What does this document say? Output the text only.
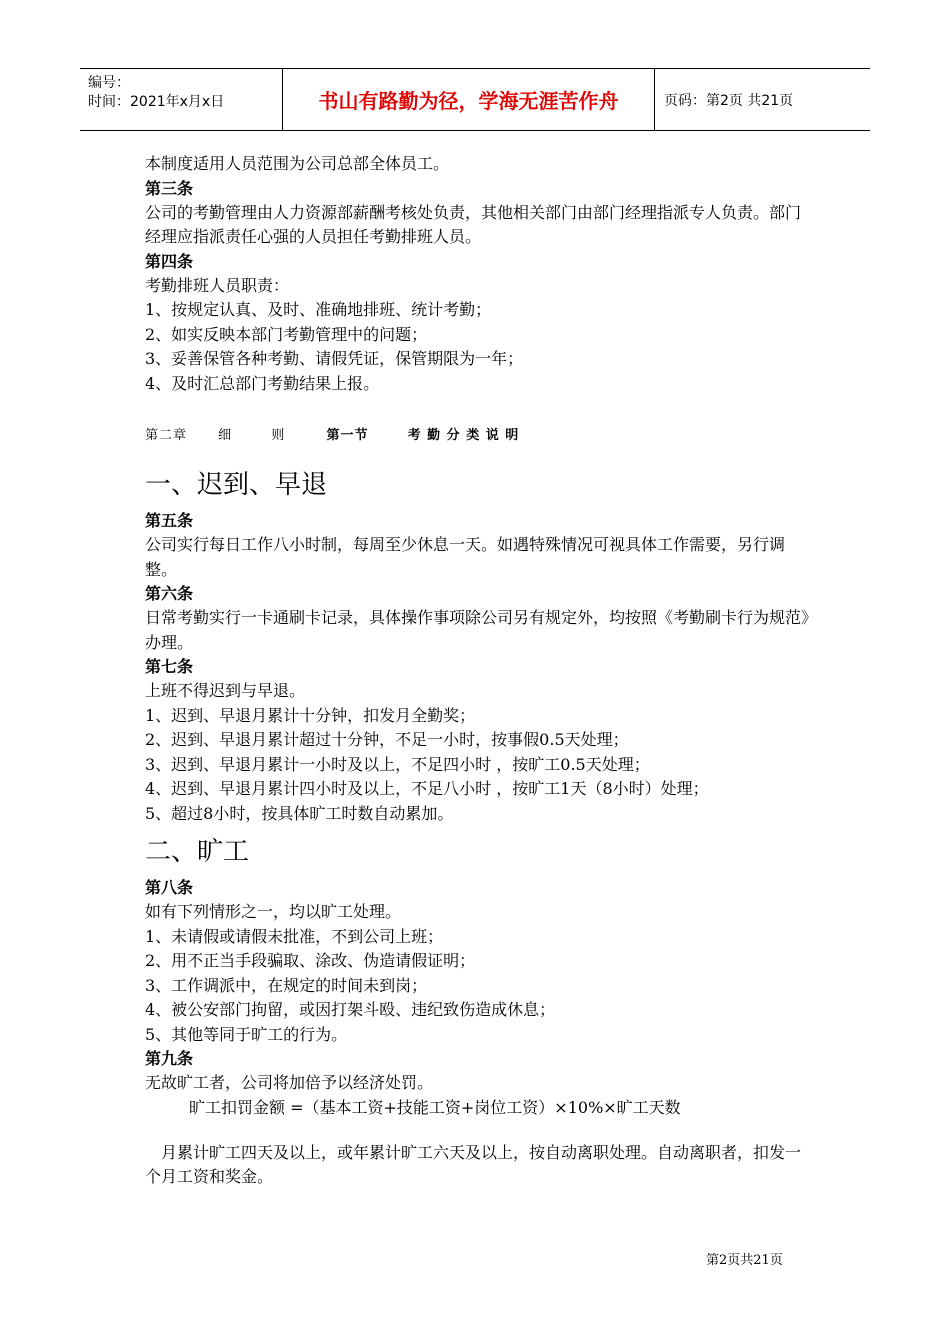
编号：
时间：2021年x月x日	书山有路勤为径，学海无涯苦作舟	页码：第2页 共21页
本制度适用人员范围为公司总部全体员工。
第三条
公司的考勤管理由人力资源部薪酬考核处负责，其他相关部门由部门经理指派专人负责。部门经理应指派责任心强的人员担任考勤排班人员。
第四条
考勤排班人员职责：
1、按规定认真、及时、准确地排班、统计考勤；
2、如实反映本部门考勤管理中的问题；
3、妥善保管各种考勤、请假凭证，保管期限为一年；
4、及时汇总部门考勤结果上报。
第二章 细	则	第一节	考 勤 分 类 说 明
一、迟到、早退
第五条
公司实行每日工作八小时制，每周至少休息一天。如遇特殊情况可视具体工作需要，另行调整。
第六条
日常考勤实行一卡通刷卡记录，具体操作事项除公司另有规定外，均按照《考勤刷卡行为规范》办理。
第七条
上班不得迟到与早退。
1、迟到、早退月累计十分钟，扣发月全勤奖；
2、迟到、早退月累计超过十分钟，不足一小时，按事假0.5天处理；
3、迟到、早退月累计一小时及以上，不足四小时 ，按旷工0.5天处理；
4、迟到、早退月累计四小时及以上，不足八小时 ，按旷工1天（8小时）处理；
5、超过8小时，按具体旷工时数自动累加。
二、旷工
第八条
如有下列情形之一，均以旷工处理。
1、未请假或请假未批准，不到公司上班；
2、用不正当手段骗取、涂改、伪造请假证明；
3、工作调派中，在规定的时间未到岗；
4、被公安部门拘留，或因打架斗殴、违纪致伤造成休息；
5、其他等同于旷工的行为。
第九条
无故旷工者，公司将加倍予以经济处罚。
旷工扣罚金额 =（基本工资+技能工资+岗位工资）×10%×旷工天数
月累计旷工四天及以上，或年累计旷工六天及以上，按自动离职处理。自动离职者，扣发一个月工资和奖金。
第2页共21页
